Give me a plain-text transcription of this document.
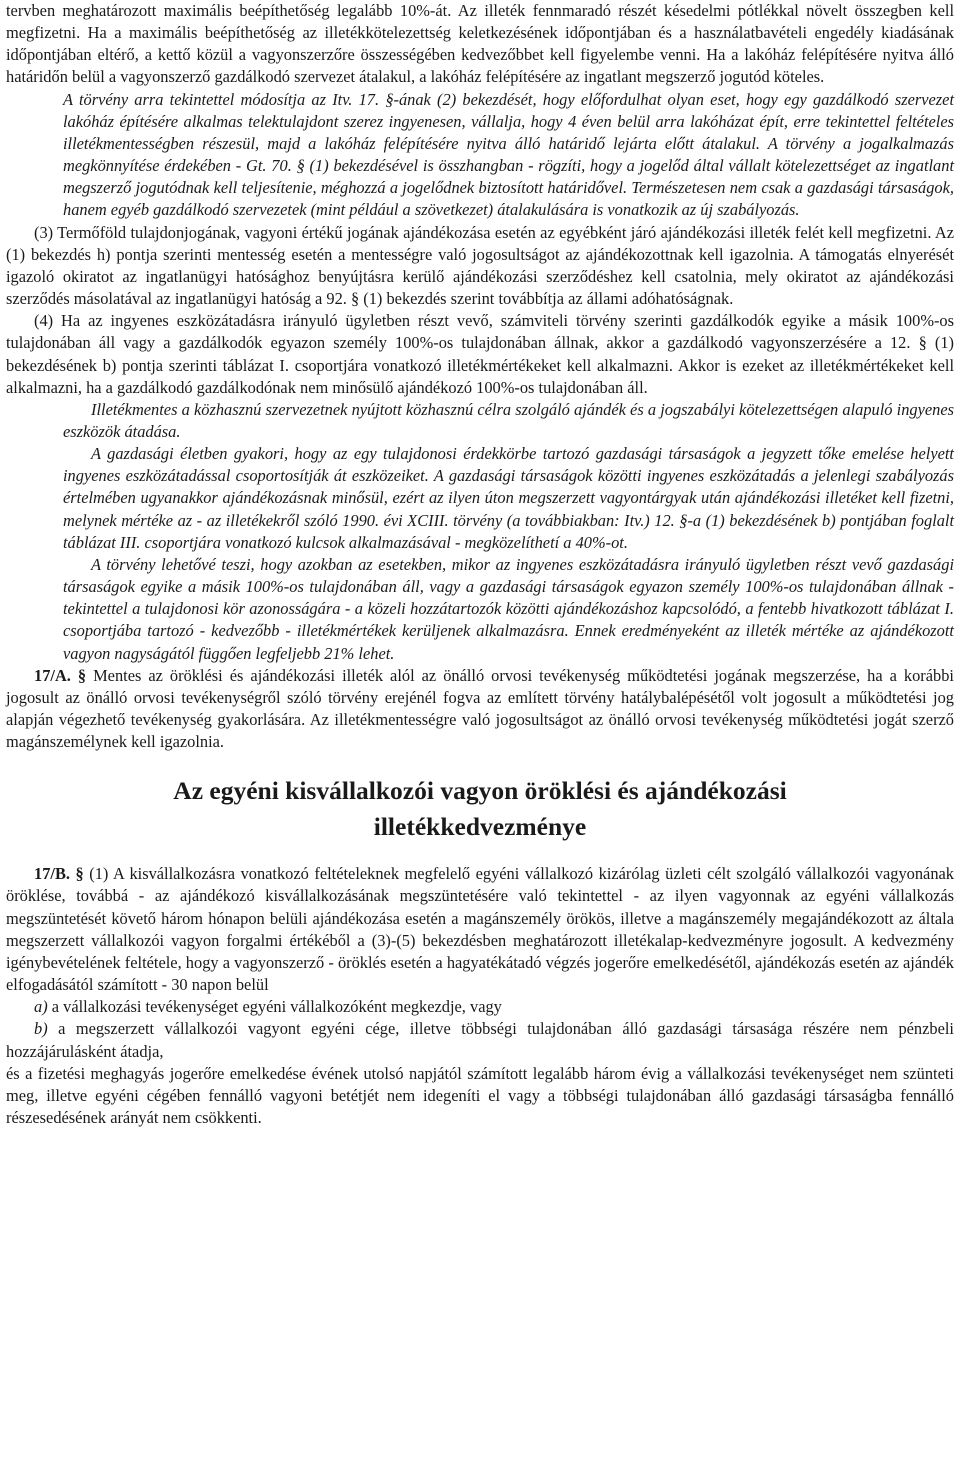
tervben meghatározott maximális beépíthetőség legalább 10%-át. Az illeték fennmaradó részét késedelmi pótlékkal növelt összegben kell megfizetni. Ha a maximális beépíthetőség az illetékkötelezettség keletkezésének időpontjában és a használatbavételi engedély kiadásának időpontjában eltérő, a kettő közül a vagyonszerzőre összességében kedvezőbbet kell figyelembe venni. Ha a lakóház felépítésére nyitva álló határidőn belül a vagyonszerző gazdálkodó szervezet átalakul, a lakóház felépítésére az ingatlant megszerző jogutód köteles.

A törvény arra tekintettel módosítja az Itv. 17. §-ának (2) bekezdését, hogy előfordulhat olyan eset, hogy egy gazdálkodó szervezet lakóház építésére alkalmas telektulajdont szerez ingyenesen, vállalja, hogy 4 éven belül arra lakóházat épít, erre tekintettel feltételes illetékmentességben részesül, majd a lakóház felépítésére nyitva álló határidő lejárta előtt átalakul. A törvény a jogalkalmazás megkönnyítése érdekében - Gt. 70. § (1) bekezdésével is összhangban - rögzíti, hogy a jogelőd által vállalt kötelezettséget az ingatlant megszerző jogutódnak kell teljesítenie, méghozzá a jogelődnek biztosított határidővel. Természetesen nem csak a gazdasági társaságok, hanem egyéb gazdálkodó szervezetek (mint például a szövetkezet) átalakulására is vonatkozik az új szabályozás.

(3) Termőföld tulajdonjogának, vagyoni értékű jogának ajándékozása esetén az egyébként járó ajándékozási illeték felét kell megfizetni. Az (1) bekezdés h) pontja szerinti mentesség esetén a mentességre való jogosultságot az ajándékozottnak kell igazolnia. A támogatás elnyerését igazoló okiratot az ingatlanügyi hatósághoz benyújtásra kerülő ajándékozási szerződéshez kell csatolnia, mely okiratot az ajándékozási szerződés másolatával az ingatlanügyi hatóság a 92. § (1) bekezdés szerint továbbítja az állami adóhatóságnak.

(4) Ha az ingyenes eszközátadásra irányuló ügyletben részt vevő, számviteli törvény szerinti gazdálkodók egyike a másik 100%-os tulajdonában áll vagy a gazdálkodók egyazon személy 100%-os tulajdonában állnak, akkor a gazdálkodó vagyonszerzésére a 12. § (1) bekezdésének b) pontja szerinti táblázat I. csoportjára vonatkozó illetékmértékeket kell alkalmazni. Akkor is ezeket az illetékmértékeket kell alkalmazni, ha a gazdálkodó gazdálkodónak nem minősülő ajándékozó 100%-os tulajdonában áll.

Illetékmentes a közhasznú szervezetnek nyújtott közhasznú célra szolgáló ajándék és a jogszabályi kötelezettségen alapuló ingyenes eszközök átadása.

A gazdasági életben gyakori, hogy az egy tulajdonosi érdekkörbe tartozó gazdasági társaságok a jegyzett tőke emelése helyett ingyenes eszközátadással csoportosítják át eszközeiket. A gazdasági társaságok közötti ingyenes eszközátadás a jelenlegi szabályozás értelmében ugyanakkor ajándékozásnak minősül, ezért az ilyen úton megszerzett vagyontárgyak után ajándékozási illetéket kell fizetni, melynek mértéke az - az illetékekről szóló 1990. évi XCIII. törvény (a továbbiakban: Itv.) 12. §-a (1) bekezdésének b) pontjában foglalt táblázat III. csoportjára vonatkozó kulcsok alkalmazásával - megközelíthetí a 40%-ot.

A törvény lehetővé teszi, hogy azokban az esetekben, mikor az ingyenes eszközátadásra irányuló ügyletben részt vevő gazdasági társaságok egyike a másik 100%-os tulajdonában áll, vagy a gazdasági társaságok egyazon személy 100%-os tulajdonában állnak - tekintettel a tulajdonosi kör azonosságára - a közeli hozzátartozók közötti ajándékozáshoz kapcsolódó, a fentebb hivatkozott táblázat I. csoportjába tartozó - kedvezőbb - illetékmértékek kerüljenek alkalmazásra. Ennek eredményeként az illeték mértéke az ajándékozott vagyon nagyságától függően legfeljebb 21% lehet.

17/A. § Mentes az öröklési és ajándékozási illeték alól az önálló orvosi tevékenység működtetési jogának megszerzése, ha a korábbi jogosult az önálló orvosi tevékenységről szóló törvény erejénél fogva az említett törvény hatálybalépésétől volt jogosult a működtetési jog alapján végezhető tevékenység gyakorlására. Az illetékmentességre való jogosultságot az önálló orvosi tevékenység működtetési jogát szerző magánszemélynek kell igazolnia.

Az egyéni kisvállalkozói vagyon öröklési és ajándékozási
illetékkedvezménye

17/B. § (1) A kisvállalkozásra vonatkozó feltételeknek megfelelő egyéni vállalkozó kizárólag üzleti célt szolgáló vállalkozói vagyonának öröklése, továbbá - az ajándékozó kisvállalkozásának megszüntetésére való tekintettel - az ilyen vagyonnak az egyéni vállalkozás megszüntetését követő három hónapon belüli ajándékozása esetén a magánszemély örökös, illetve a magánszemély megajándékozott az általa megszerzett vállalkozói vagyon forgalmi értékéből a (3)-(5) bekezdésben meghatározott illetékalap-kedvezményre jogosult. A kedvezmény igénybevételének feltétele, hogy a vagyonszerző - öröklés esetén a hagyatékátadó végzés jogerőre emelkedésétől, ajándékozás esetén az ajándék elfogadásától számított - 30 napon belül

a) a vállalkozási tevékenységet egyéni vállalkozóként megkezdje, vagy

b) a megszerzett vállalkozói vagyont egyéni cége, illetve többségi tulajdonában álló gazdasági társasága részére nem pénzbeli hozzájárulásként átadja,

és a fizetési meghagyás jogerőre emelkedése évének utolsó napjától számított legalább három évig a vállalkozási tevékenységet nem szünteti meg, illetve egyéni cégében fennálló vagyoni betétjét nem idegeníti el vagy a többségi tulajdonában álló gazdasági társaságba fennálló részesedésének arányát nem csökkenti.
